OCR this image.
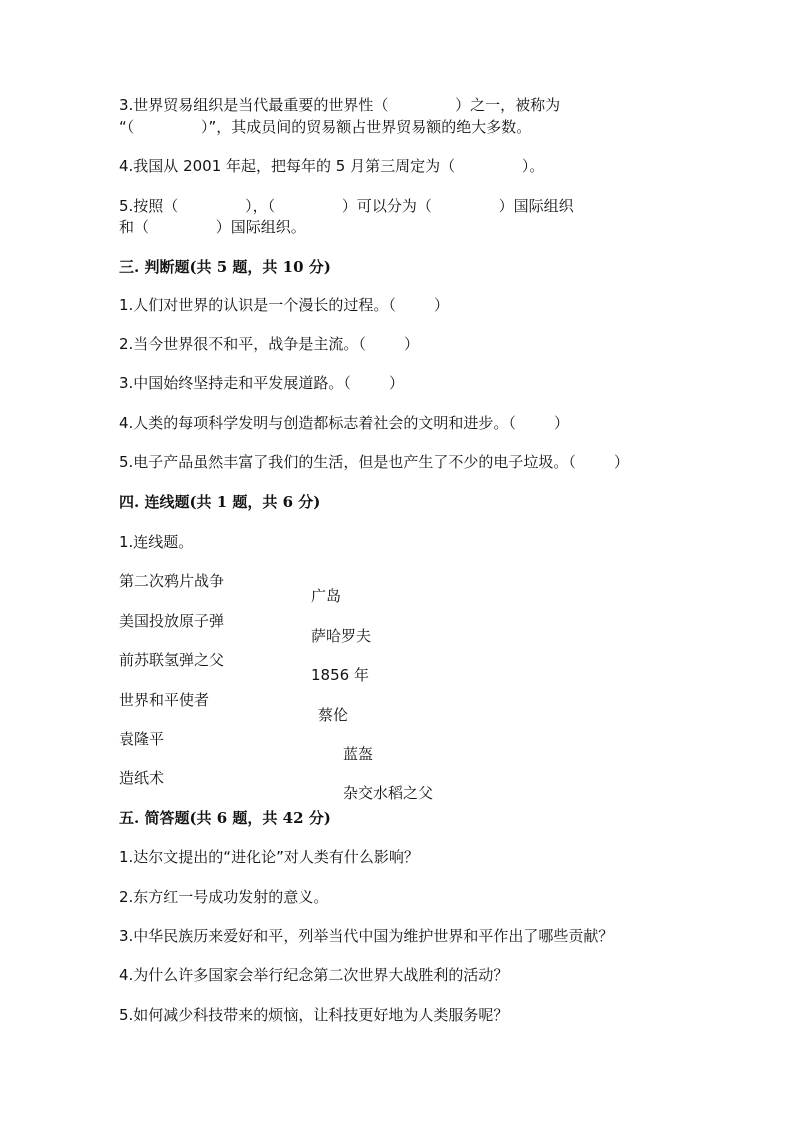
3.世界贸易组织是当代最重要的世界性（              ）之一，被称为

“（              ）”，其成员间的贸易额占世界贸易额的绝大多数。

4.我国从 2001 年起，把每年的 5 月第三周定为（              ）。

5.按照（              ），（              ）可以分为（              ）国际组织

和（              ）国际组织。

三. 判断题(共 5 题，共 10 分)

1.人们对世界的认识是一个漫长的过程。（        ）

2.当今世界很不和平，战争是主流。（        ）

3.中国始终坚持走和平发展道路。（        ）

4.人类的每项科学发明与创造都标志着社会的文明和进步。（        ）

5.电子产品虽然丰富了我们的生活，但是也产生了不少的电子垃圾。（        ）

四. 连线题(共 1 题，共 6 分)

1.连线题。

第二次鸦片战争

广岛

美国投放原子弹

萨哈罗夫

前苏联氢弹之父

1856 年

世界和平使者

蔡伦

袁隆平

蓝盔

造纸术

杂交水稻之父

五. 简答题(共 6 题，共 42 分)

1.达尔文提出的“进化论”对人类有什么影响？

2.东方红一号成功发射的意义。

3.中华民族历来爱好和平，列举当代中国为维护世界和平作出了哪些贡献？

4.为什么许多国家会举行纪念第二次世界大战胜利的活动？

5.如何减少科技带来的烦恼，让科技更好地为人类服务呢？
